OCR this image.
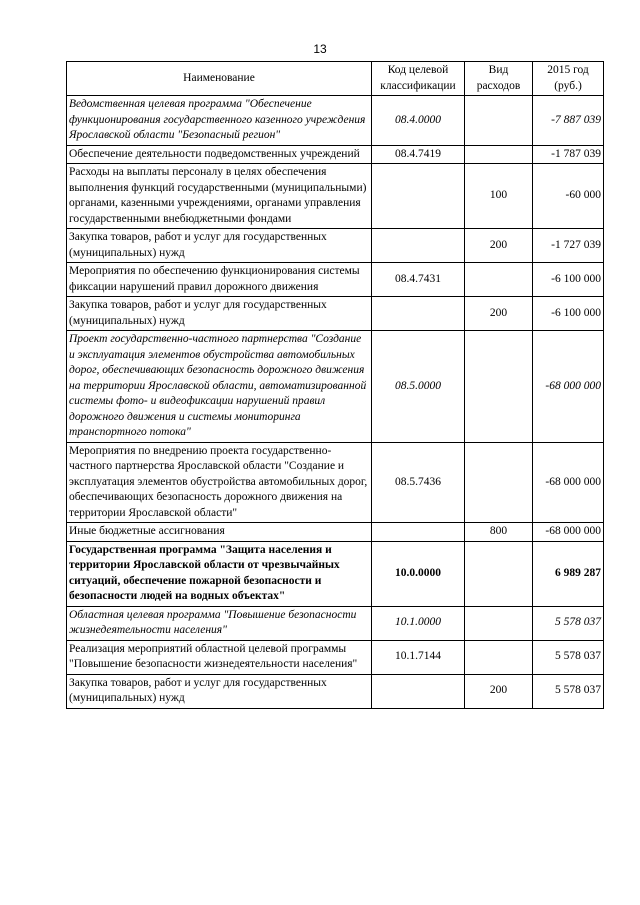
13
Наименование	Код целевой классификации	Вид расходов	2015 год (руб.)
Ведомственная целевая программа "Обеспечение функционирования государственного казенного учреждения Ярославской области "Безопасный регион"	08.4.0000		-7 887 039
Обеспечение деятельности подведомственных учреждений	08.4.7419		-1 787 039
Расходы на выплаты персоналу в целях обеспечения выполнения функций государственными (муниципальными) органами, казенными учреждениями, органами управления государственными внебюджетными фондами		100	-60 000
Закупка товаров, работ и услуг для государственных (муниципальных) нужд		200	-1 727 039
Мероприятия по обеспечению функционирования системы фиксации нарушений правил дорожного движения	08.4.7431		-6 100 000
Закупка товаров, работ и услуг для государственных (муниципальных) нужд		200	-6 100 000
Проект государственно-частного партнерства "Создание и эксплуатация элементов обустройства автомобильных дорог, обеспечивающих безопасность дорожного движения на территории Ярославской области, автоматизированной системы фото- и видеофиксации нарушений правил дорожного движения и системы мониторинга транспортного потока"	08.5.0000		-68 000 000
Мероприятия по внедрению проекта государственно-частного партнерства Ярославской области "Создание и эксплуатация элементов обустройства автомобильных дорог, обеспечивающих безопасность дорожного движения на территории Ярославской области"	08.5.7436		-68 000 000
Иные бюджетные ассигнования		800	-68 000 000
Государственная программа "Защита населения и территории Ярославской области от чрезвычайных ситуаций, обеспечение пожарной безопасности и безопасности людей на водных объектах"	10.0.0000		6 989 287
Областная целевая программа "Повышение безопасности жизнедеятельности населения"	10.1.0000		5 578 037
Реализация мероприятий областной целевой программы "Повышение безопасности жизнедеятельности населения"	10.1.7144		5 578 037
Закупка товаров, работ и услуг для государственных (муниципальных) нужд		200	5 578 037
